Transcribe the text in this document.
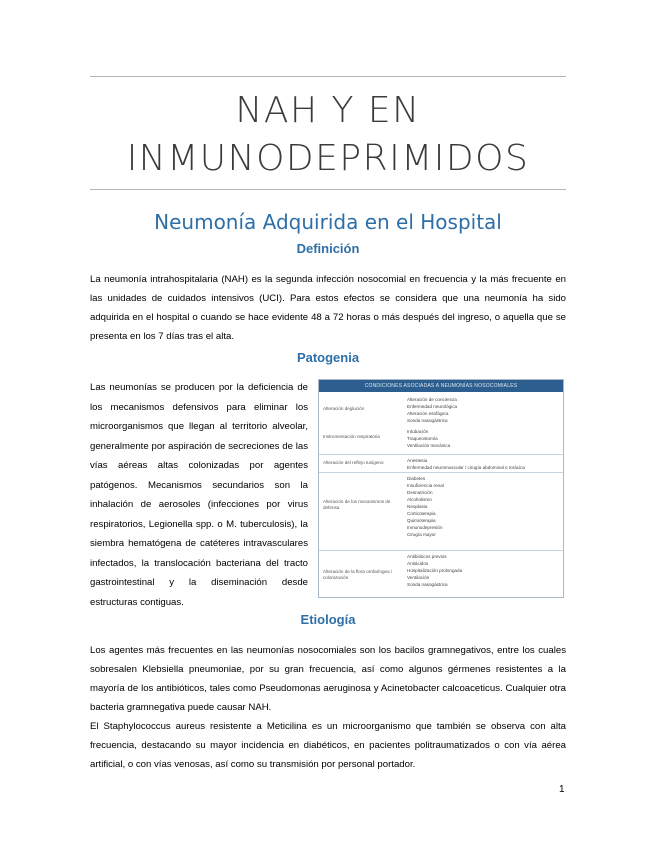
NAH Y EN
INMUNODEPRIMIDOS
Neumonía Adquirida en el Hospital
Definición
La neumonía intrahospitalaria (NAH) es la segunda infección nosocomial en frecuencia y la más frecuente en las unidades de cuidados intensivos (UCI). Para estos efectos se considera que una neumonía ha sido adquirida en el hospital o cuando se hace evidente 48 a 72 horas o más después del ingreso, o aquella que se presenta en los 7 días tras el alta.
Patogenia
Las neumonías se producen por la deficiencia de los mecanismos defensivos para eliminar los microorganismos que llegan al territorio alveolar, generalmente por aspiración de secreciones de las vías aéreas altas colonizadas por agentes patógenos. Mecanismos secundarios son la inhalación de aerosoles (infecciones por virus respiratorios, Legionella spp. o M. tuberculosis), la siembra hematógena de catéteres intravasculares infectados, la translocación bacteriana del tracto gastrointestinal y la diseminación desde estructuras contiguas.
CONDICIONES ASOCIADAS A NEUMONÍAS NOSOCOMIALES
Alteración deglución
Alteración de conciencia
Enfermedad neurológica
Alteración esofágica
Sonda nasogástrica
Instrumentación respiratoria
Intubación
Traqueostomía
Ventilación mecánica
Alteración del reflejo tusígeno	Anestesia
Enfermedad neuromuscular / cirugía abdominal o torácica
Alteración de los mecanismos de defensa
Diabetes
Insuficiencia renal
Desnutrición
Alcoholismo
Neoplasia
Corticoterapia
Quimioterapia
Inmunodepresión
Cirugía mayor
Alteración de la flora orofaríngea / colonización
Antibióticos previos
Antiácidos
Hospitalización prolongada
Ventilación
Sonda nasogástrica
Etiología
Los agentes más frecuentes en las neumonías nosocomiales son los bacilos gramnegativos, entre los cuales sobresalen Klebsiella pneumoniae, por su gran frecuencia, así como algunos gérmenes resistentes a la mayoría de los antibióticos, tales como Pseudomonas aeruginosa y Acinetobacter calcoaceticus. Cualquier otra bacteria gramnegativa puede causar NAH.
El Staphylococcus aureus resistente a Meticilina es un microorganismo que también se observa con alta frecuencia, destacando su mayor incidencia en diabéticos, en pacientes politraumatizados o con vía aérea artificial, o con vías venosas, así como su transmisión por personal portador.
1
